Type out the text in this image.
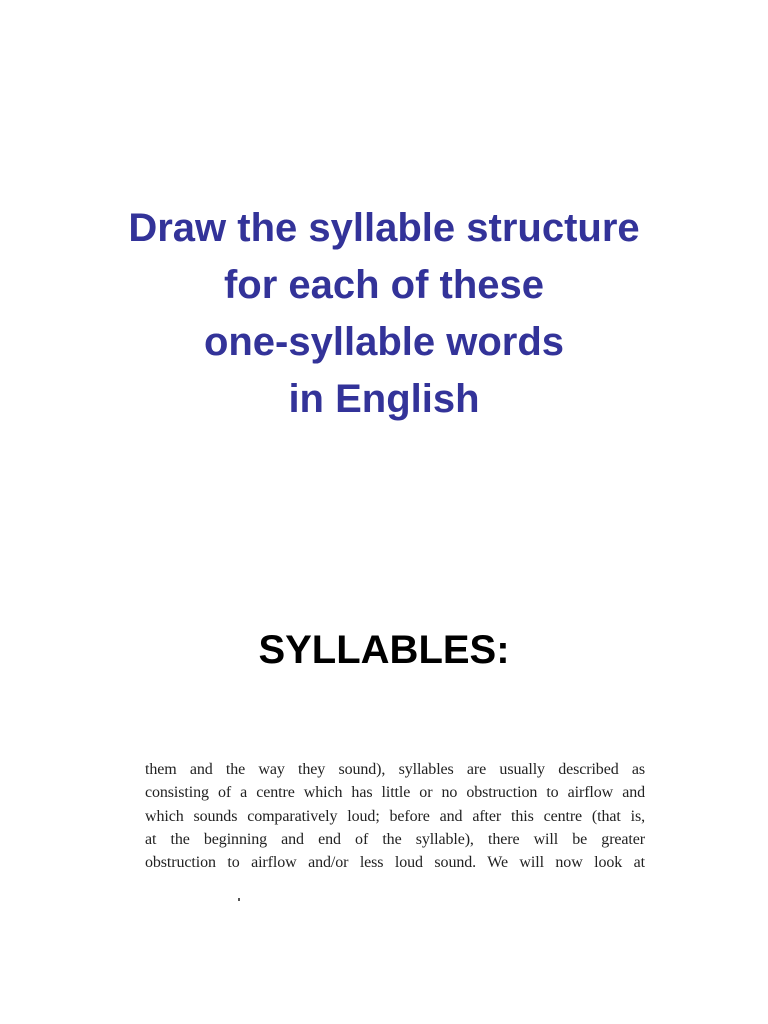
Draw the syllable structure
for each of these
one-syllable words
in English
SYLLABLES:
them and the way they sound), syllables are usually described as
consisting of a centre which has little or no obstruction to airflow and
which sounds comparatively loud; before and after this centre (that is,
at the beginning and end of the syllable), there will be greater
obstruction to airflow and/or less loud sound. We will now look at
